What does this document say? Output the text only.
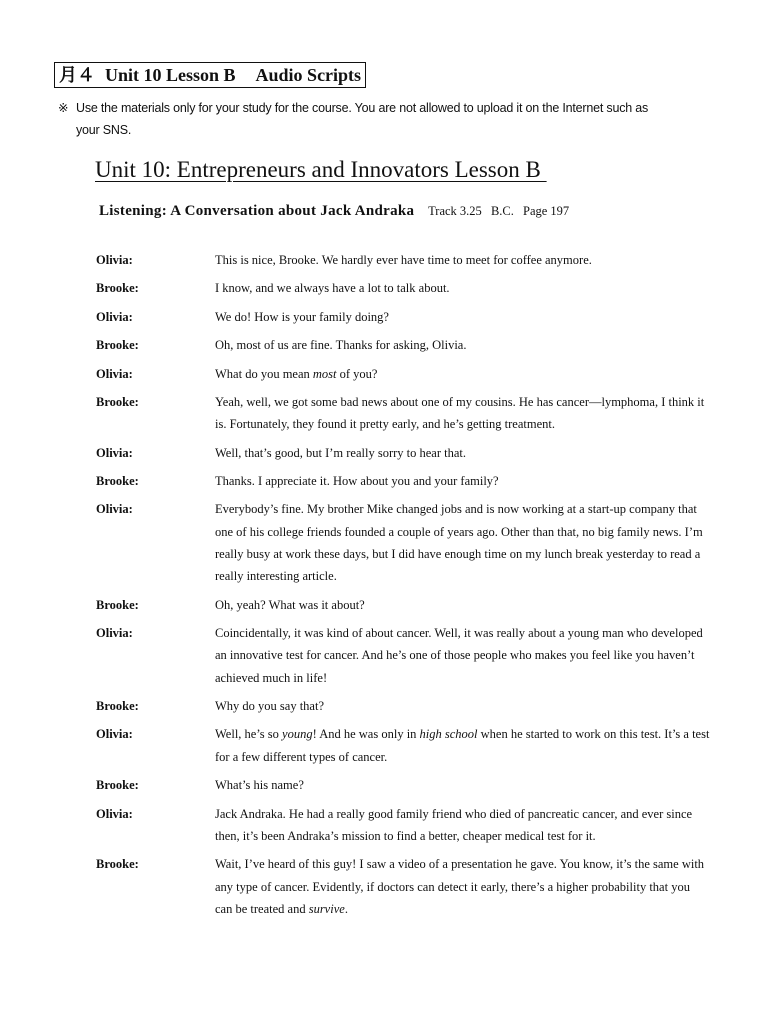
月４ Unit 10 Lesson B Audio Scripts
※ Use the materials only for your study for the course. You are not allowed to upload it on the Internet such as
your SNS.
Unit 10: Entrepreneurs and Innovators Lesson B
Listening: A Conversation about Jack Andraka Track 3.25 B.C. Page 197
Olivia:	This is nice, Brooke. We hardly ever have time to meet for coffee anymore.
Brooke:	I know, and we always have a lot to talk about.
Olivia:	We do! How is your family doing?
Brooke:	Oh, most of us are fine. Thanks for asking, Olivia.
Olivia:	What do you mean most of you?
Brooke:	Yeah, well, we got some bad news about one of my cousins. He has cancer—lymphoma, I think it is. Fortunately, they found it pretty early, and he’s getting treatment.
Olivia:	Well, that’s good, but I’m really sorry to hear that.
Brooke:	Thanks. I appreciate it. How about you and your family?
Olivia:	Everybody’s fine. My brother Mike changed jobs and is now working at a start-up company that one of his college friends founded a couple of years ago. Other than that, no big family news. I’m really busy at work these days, but I did have enough time on my lunch break yesterday to read a really interesting article.
Brooke:	Oh, yeah? What was it about?
Olivia:	Coincidentally, it was kind of about cancer. Well, it was really about a young man who developed an innovative test for cancer. And he’s one of those people who makes you feel like you haven’t achieved much in life!
Brooke:	Why do you say that?
Olivia:	Well, he’s so young! And he was only in high school when he started to work on this test. It’s a test for a few different types of cancer.
Brooke:	What’s his name?
Olivia:	Jack Andraka. He had a really good family friend who died of pancreatic cancer, and ever since then, it’s been Andraka’s mission to find a better, cheaper medical test for it.
Brooke:	Wait, I’ve heard of this guy! I saw a video of a presentation he gave. You know, it’s the same with any type of cancer. Evidently, if doctors can detect it early, there’s a higher probability that you can be treated and survive.
